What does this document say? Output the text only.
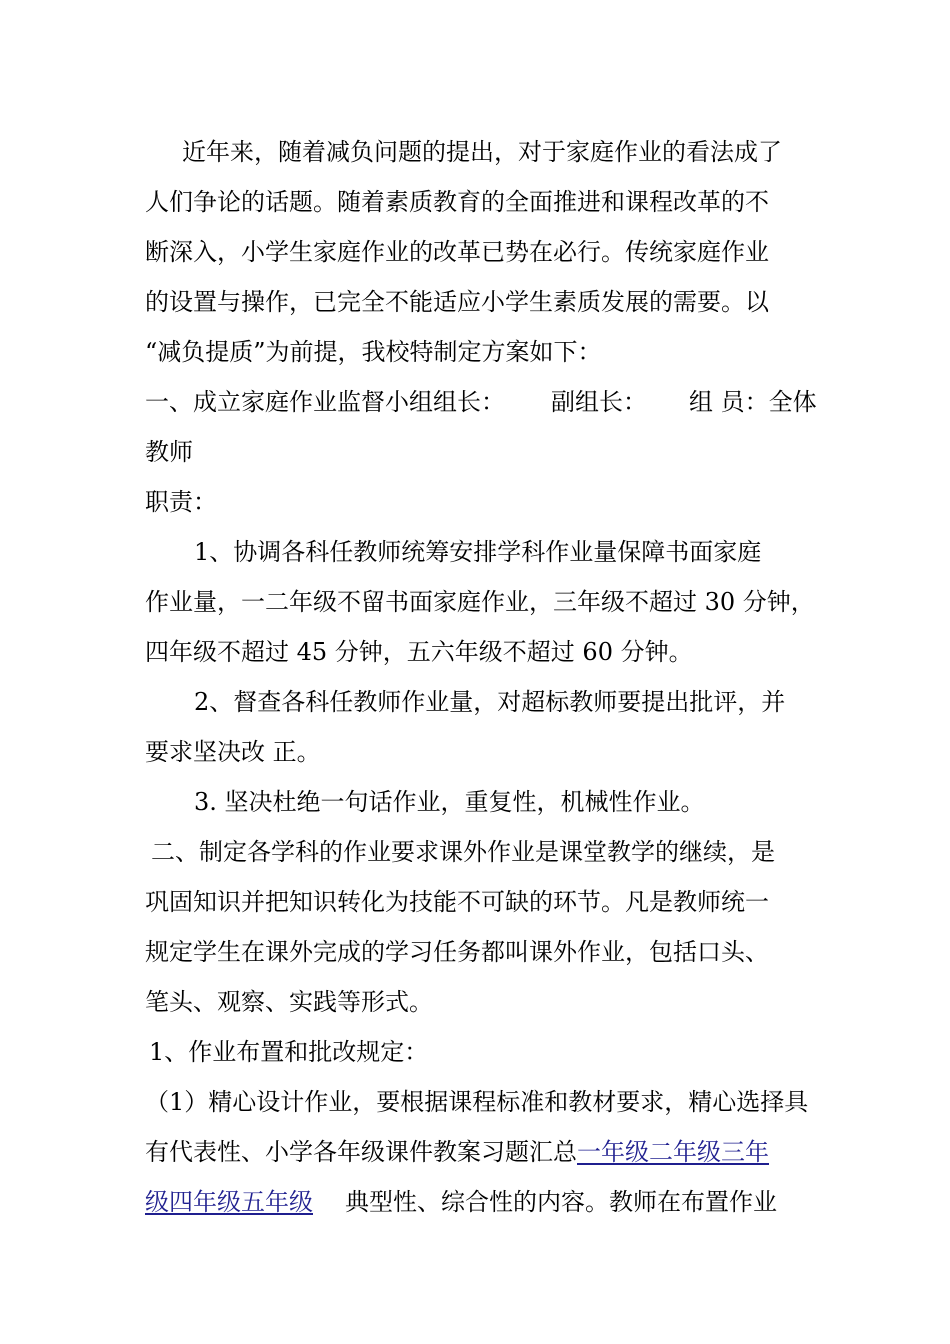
近年来，随着减负问题的提出，对于家庭作业的看法成了
人们争论的话题。随着素质教育的全面推进和课程改革的不
断深入，小学生家庭作业的改革已势在必行。传统家庭作业
的设置与操作，已完全不能适应小学生素质发展的需要。以
“减负提质”为前提，我校特制定方案如下：
一、成立家庭作业监督小组组长： 副组长： 组 员：全体
教师
职责：
1、协调各科任教师统筹安排学科作业量保障书面家庭
作业量，一二年级不留书面家庭作业，三年级不超过 30 分钟，
四年级不超过 45 分钟，五六年级不超过 60 分钟。
2、督查各科任教师作业量，对超标教师要提出批评，并
要求坚决改 正。
3. 坚决杜绝一句话作业，重复性，机械性作业。
二、制定各学科的作业要求课外作业是课堂教学的继续，是
巩固知识并把知识转化为技能不可缺的环节。凡是教师统一
规定学生在课外完成的学习任务都叫课外作业，包括口头、
笔头、观察、实践等形式。
1、作业布置和批改规定：
（1）精心设计作业，要根据课程标准和教材要求，精心选择具
有代表性、小学各年级课件教案习题汇总一年级二年级三年
级四年级五年级 典型性、综合性的内容。教师在布置作业
